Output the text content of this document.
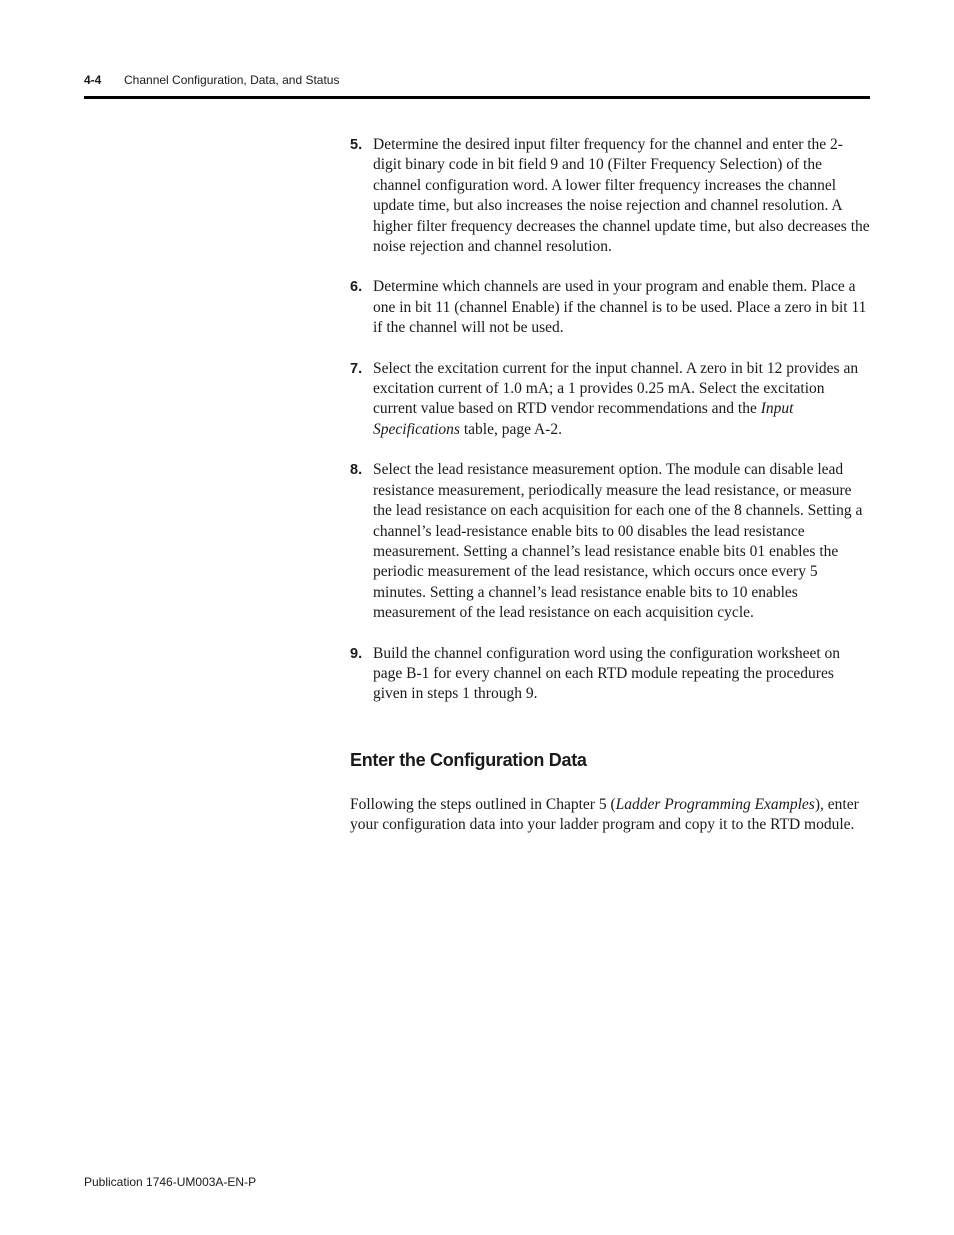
4-4 Channel Configuration, Data, and Status
5. Determine the desired input filter frequency for the channel and enter the 2-digit binary code in bit field 9 and 10 (Filter Frequency Selection) of the channel configuration word. A lower filter frequency increases the channel update time, but also increases the noise rejection and channel resolution. A higher filter frequency decreases the channel update time, but also decreases the noise rejection and channel resolution.
6. Determine which channels are used in your program and enable them. Place a one in bit 11 (channel Enable) if the channel is to be used. Place a zero in bit 11 if the channel will not be used.
7. Select the excitation current for the input channel. A zero in bit 12 provides an excitation current of 1.0 mA; a 1 provides 0.25 mA. Select the excitation current value based on RTD vendor recommendations and the Input Specifications table, page A-2.
8. Select the lead resistance measurement option. The module can disable lead resistance measurement, periodically measure the lead resistance, or measure the lead resistance on each acquisition for each one of the 8 channels. Setting a channel’s lead-resistance enable bits to 00 disables the lead resistance measurement. Setting a channel’s lead resistance enable bits 01 enables the periodic measurement of the lead resistance, which occurs once every 5 minutes. Setting a channel’s lead resistance enable bits to 10 enables measurement of the lead resistance on each acquisition cycle.
9. Build the channel configuration word using the configuration worksheet on page B-1 for every channel on each RTD module repeating the procedures given in steps 1 through 9.
Enter the Configuration Data

Following the steps outlined in Chapter 5 (Ladder Programming Examples), enter your configuration data into your ladder program and copy it to the RTD module.

Publication 1746-UM003A-EN-P
